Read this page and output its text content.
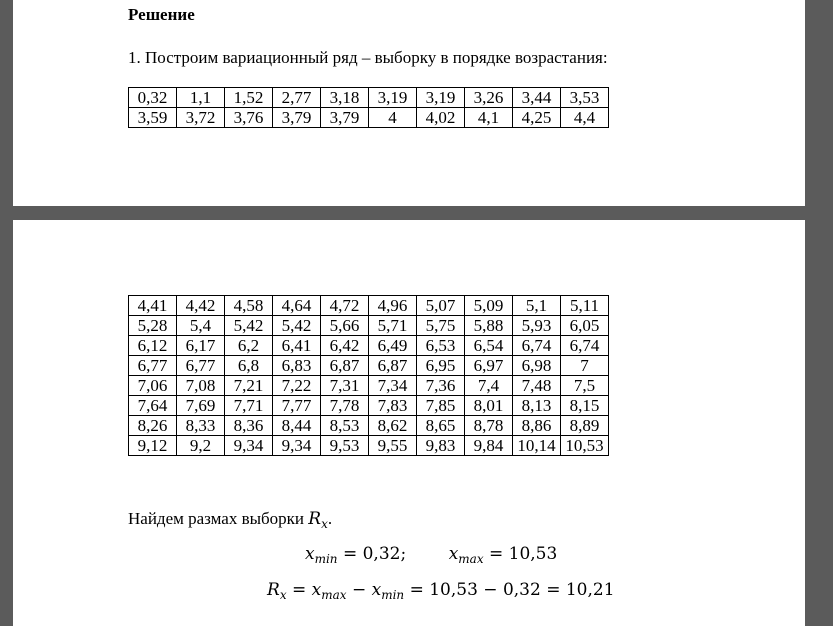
Решение
1. Построим вариационный ряд – выборку в порядке возрастания:
0,32	1,1	1,52	2,77	3,18	3,19	3,19	3,26	3,44	3,53
3,59	3,72	3,76	3,79	3,79	4	4,02	4,1	4,25	4,4
4,41	4,42	4,58	4,64	4,72	4,96	5,07	5,09	5,1	5,11
5,28	5,4	5,42	5,42	5,66	5,71	5,75	5,88	5,93	6,05
6,12	6,17	6,2	6,41	6,42	6,49	6,53	6,54	6,74	6,74
6,77	6,77	6,8	6,83	6,87	6,87	6,95	6,97	6,98	7
7,06	7,08	7,21	7,22	7,31	7,34	7,36	7,4	7,48	7,5
7,64	7,69	7,71	7,77	7,78	7,83	7,85	8,01	8,13	8,15
8,26	8,33	8,36	8,44	8,53	8,62	8,65	8,78	8,86	8,89
9,12	9,2	9,34	9,34	9,53	9,55	9,83	9,84	10,14	10,53
Найдем размах выборки $R_x$.
$x_{min} = 0,32$;	$x_{max} = 10,53$
$R_x = x_{max} - x_{min} = 10,53 - 0,32 = 10,21$
